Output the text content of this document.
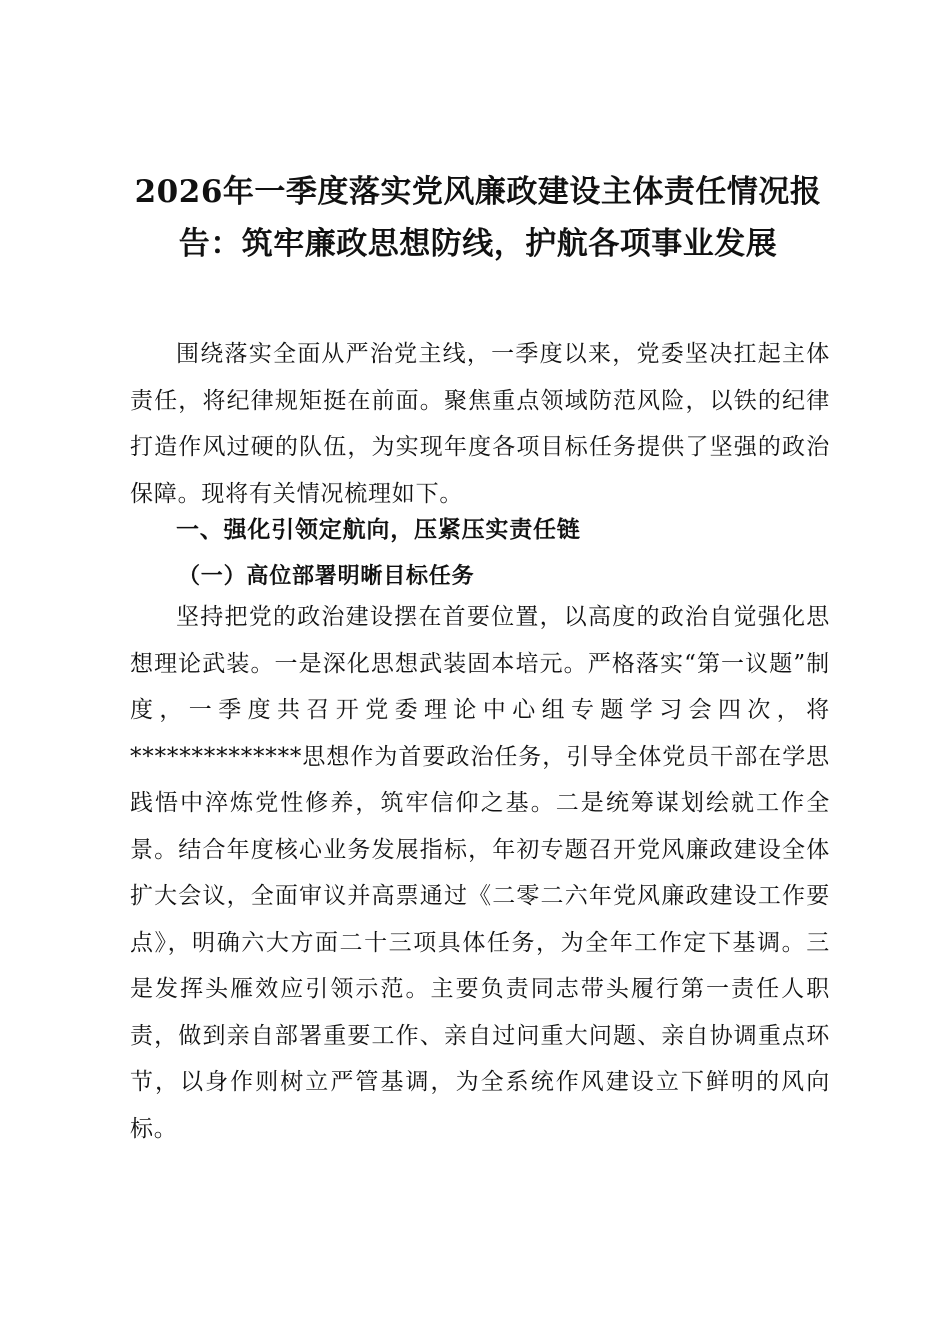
2026年一季度落实党风廉政建设主体责任情况报告：筑牢廉政思想防线，护航各项事业发展

围绕落实全面从严治党主线，一季度以来，党委坚决扛起主体责任，将纪律规矩挺在前面。聚焦重点领域防范风险，以铁的纪律打造作风过硬的队伍，为实现年度各项目标任务提供了坚强的政治保障。现将有关情况梳理如下。

一、强化引领定航向，压紧压实责任链
（一）高位部署明晰目标任务

坚持把党的政治建设摆在首要位置，以高度的政治自觉强化思想理论武装。一是深化思想武装固本培元。严格落实“第一议题”制度，一季度共召开党委理论中心组专题学习会四次，将**************思想作为首要政治任务，引导全体党员干部在学思践悟中淬炼党性修养，筑牢信仰之基。二是统筹谋划绘就工作全景。结合年度核心业务发展指标，年初专题召开党风廉政建设全体扩大会议，全面审议并高票通过《二零二六年党风廉政建设工作要点》，明确六大方面二十三项具体任务，为全年工作定下基调。三是发挥头雁效应引领示范。主要负责同志带头履行第一责任人职责，做到亲自部署重要工作、亲自过问重大问题、亲自协调重点环节，以身作则树立严管基调，为全系统作风建设立下鲜明的风向标。
